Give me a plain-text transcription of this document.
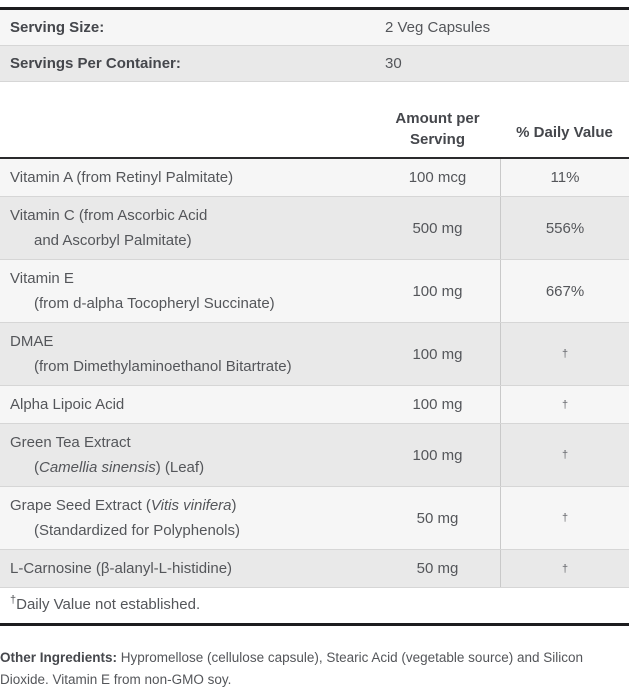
Serving Size:	2 Veg Capsules
Servings Per Container:	30
Amount per
Serving	% Daily Value
Vitamin A (from Retinyl Palmitate)	100 mcg	11%
Vitamin C (from Ascorbic Acid
and Ascorbyl Palmitate)
500 mg	556%
Vitamin E
(from d-alpha Tocopheryl Succinate)
100 mg	667%
DMAE
(from Dimethylaminoethanol Bitartrate)
100 mg	†
Alpha Lipoic Acid	100 mg	†
Green Tea Extract
(Camellia sinensis) (Leaf)
100 mg	†
Grape Seed Extract (Vitis vinifera)
(Standardized for Polyphenols)
50 mg	†
L-Carnosine (β-alanyl-L-histidine)	50 mg	†
†Daily Value not established.
Other Ingredients: Hypromellose (cellulose capsule), Stearic Acid (vegetable source) and Silicon Dioxide. Vitamin E from non-GMO soy.
